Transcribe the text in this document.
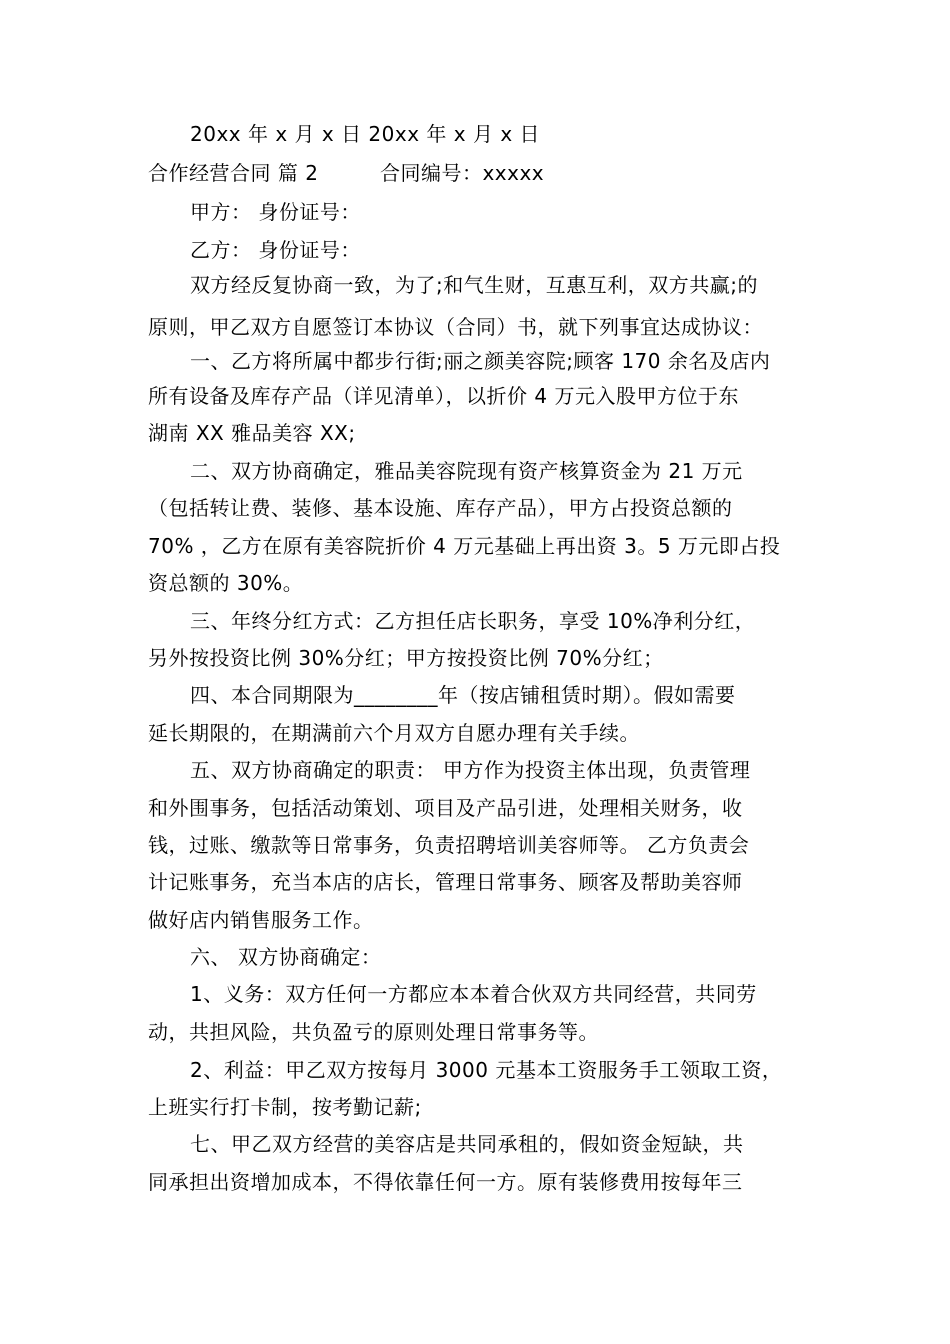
20xx 年 x 月 x 日 20xx 年 x 月 x 日
合作经营合同 篇 2　　　合同编号：xxxxx
甲方： 身份证号：
乙方： 身份证号：
双方经反复协商一致，为了;和气生财，互惠互利，双方共赢;的
原则，甲乙双方自愿签订本协议（合同）书，就下列事宜达成协议：
一、乙方将所属中都步行街;丽之颜美容院;顾客 170 余名及店内
所有设备及库存产品（详见清单），以折价 4 万元入股甲方位于东
湖南 XX 雅品美容 XX;
二、双方协商确定，雅品美容院现有资产核算资金为 21 万元
（包括转让费、装修、基本设施、库存产品），甲方占投资总额的
70% ，乙方在原有美容院折价 4 万元基础上再出资 3。5 万元即占投
资总额的 30%。
三、年终分红方式：乙方担任店长职务，享受 10%净利分红，
另外按投资比例 30%分红；甲方按投资比例 70%分红；
四、本合同期限为________年（按店铺租赁时期）。假如需要
延长期限的，在期满前六个月双方自愿办理有关手续。
五、双方协商确定的职责： 甲方作为投资主体出现，负责管理
和外围事务，包括活动策划、项目及产品引进，处理相关财务，收
钱，过账、缴款等日常事务，负责招聘培训美容师等。 乙方负责会
计记账事务，充当本店的店长，管理日常事务、顾客及帮助美容师
做好店内销售服务工作。
六、 双方协商确定：
1、义务：双方任何一方都应本本着合伙双方共同经营，共同劳
动，共担风险，共负盈亏的原则处理日常事务等。
2、利益：甲乙双方按每月 3000 元基本工资服务手工领取工资，
上班实行打卡制，按考勤记薪;
七、甲乙双方经营的美容店是共同承租的，假如资金短缺，共
同承担出资增加成本，不得依靠任何一方。原有装修费用按每年三
